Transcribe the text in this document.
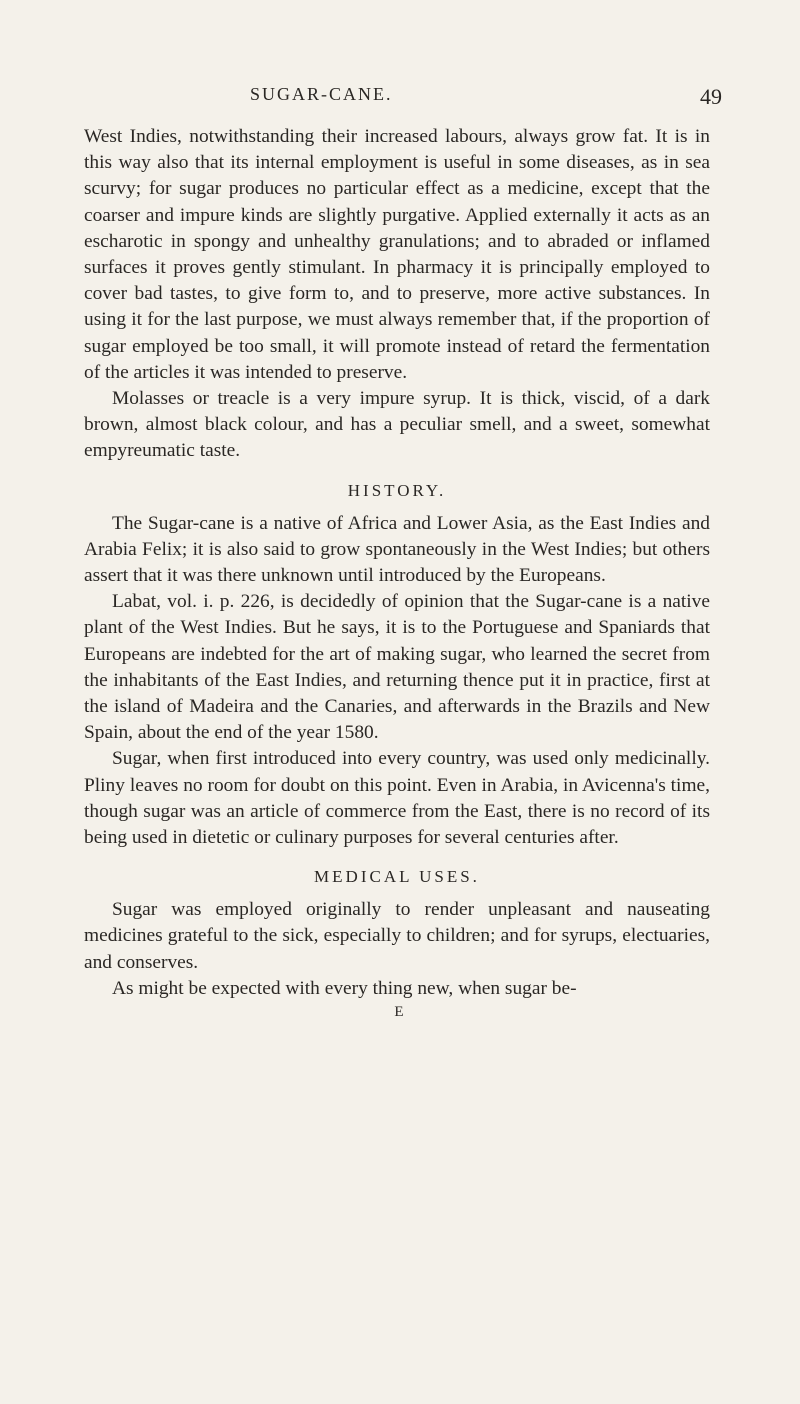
SUGAR-CANE.	49

West Indies, notwithstanding their increased labours, always grow fat. It is in this way also that its internal employment is useful in some diseases, as in sea scurvy; for sugar produces no particular effect as a medicine, except that the coarser and impure kinds are slightly purgative. Applied externally it acts as an escharotic in spongy and unhealthy granulations; and to abraded or inflamed surfaces it proves gently stimulant. In pharmacy it is principally employed to cover bad tastes, to give form to, and to preserve, more active substances. In using it for the last purpose, we must always remember that, if the proportion of sugar employed be too small, it will promote instead of retard the fermentation of the articles it was intended to preserve.

Molasses or treacle is a very impure syrup. It is thick, viscid, of a dark brown, almost black colour, and has a peculiar smell, and a sweet, somewhat empyreumatic taste.

HISTORY.

The Sugar-cane is a native of Africa and Lower Asia, as the East Indies and Arabia Felix; it is also said to grow spontaneously in the West Indies; but others assert that it was there unknown until introduced by the Europeans.

Labat, vol. i. p. 226, is decidedly of opinion that the Sugar-cane is a native plant of the West Indies. But he says, it is to the Portuguese and Spaniards that Europeans are indebted for the art of making sugar, who learned the secret from the inhabitants of the East Indies, and returning thence put it in practice, first at the island of Madeira and the Canaries, and afterwards in the Brazils and New Spain, about the end of the year 1580.

Sugar, when first introduced into every country, was used only medicinally. Pliny leaves no room for doubt on this point. Even in Arabia, in Avicenna's time, though sugar was an article of commerce from the East, there is no record of its being used in dietetic or culinary purposes for several centuries after.

MEDICAL USES.

Sugar was employed originally to render unpleasant and nauseating medicines grateful to the sick, especially to children; and for syrups, electuaries, and conserves.

As might be expected with every thing new, when sugar be-

E
